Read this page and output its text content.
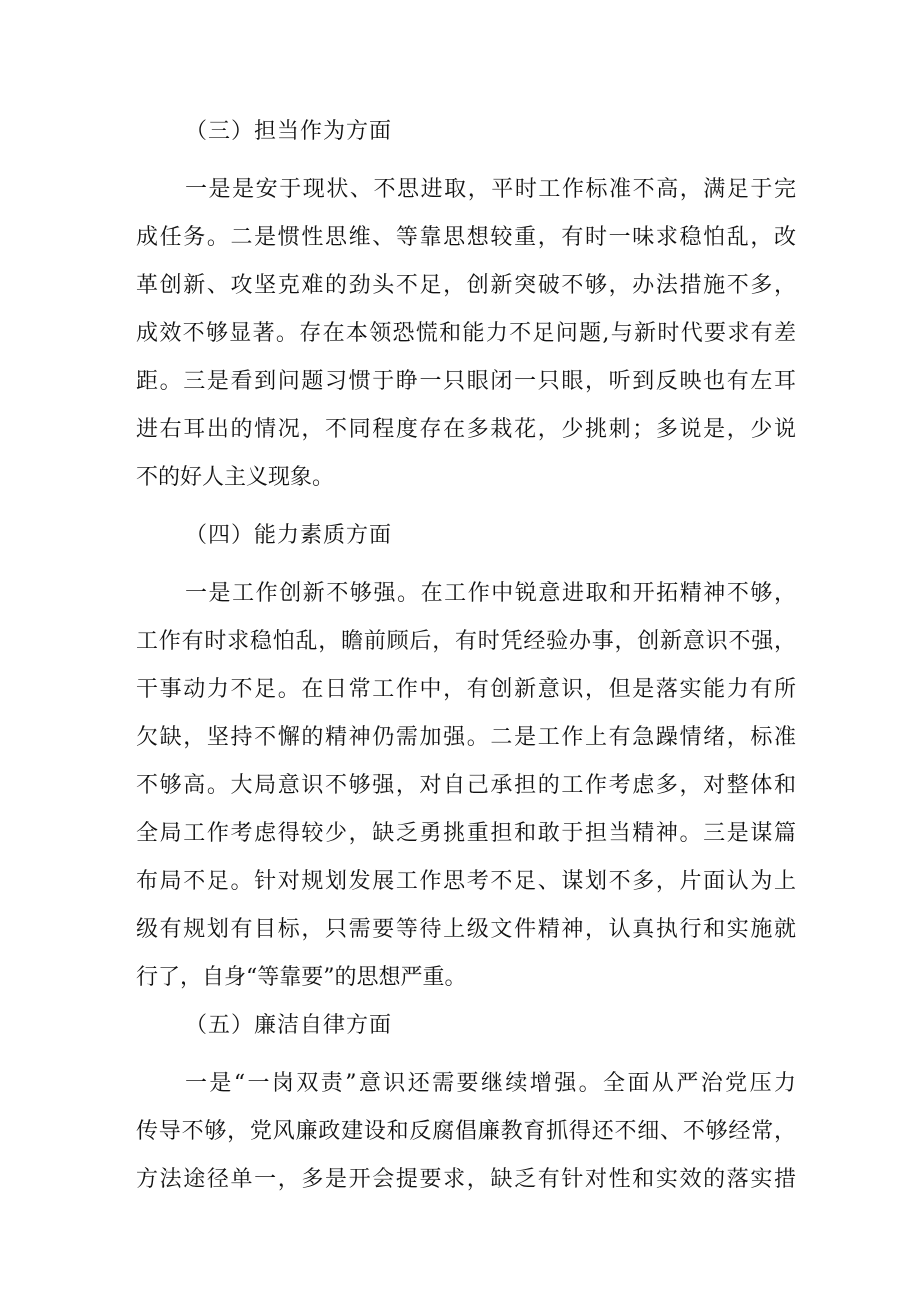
（三）担当作为方面
一是是安于现状、不思进取，平时工作标准不高，满足于完
成任务。二是惯性思维、等靠思想较重，有时一味求稳怕乱，改
革创新、攻坚克难的劲头不足，创新突破不够，办法措施不多，
成效不够显著。存在本领恐慌和能力不足问题,与新时代要求有差
距。三是看到问题习惯于睁一只眼闭一只眼，听到反映也有左耳
进右耳出的情况，不同程度存在多栽花，少挑刺；多说是，少说
不的好人主义现象。
（四）能力素质方面
一是工作创新不够强。在工作中锐意进取和开拓精神不够，
工作有时求稳怕乱，瞻前顾后，有时凭经验办事，创新意识不强，
干事动力不足。在日常工作中，有创新意识，但是落实能力有所
欠缺，坚持不懈的精神仍需加强。二是工作上有急躁情绪，标准
不够高。大局意识不够强，对自己承担的工作考虑多，对整体和
全局工作考虑得较少，缺乏勇挑重担和敢于担当精神。三是谋篇
布局不足。针对规划发展工作思考不足、谋划不多，片面认为上
级有规划有目标，只需要等待上级文件精神，认真执行和实施就
行了，自身“等靠要”的思想严重。
（五）廉洁自律方面
一是“一岗双责”意识还需要继续增强。全面从严治党压力
传导不够，党风廉政建设和反腐倡廉教育抓得还不细、不够经常，
方法途径单一，多是开会提要求，缺乏有针对性和实效的落实措
